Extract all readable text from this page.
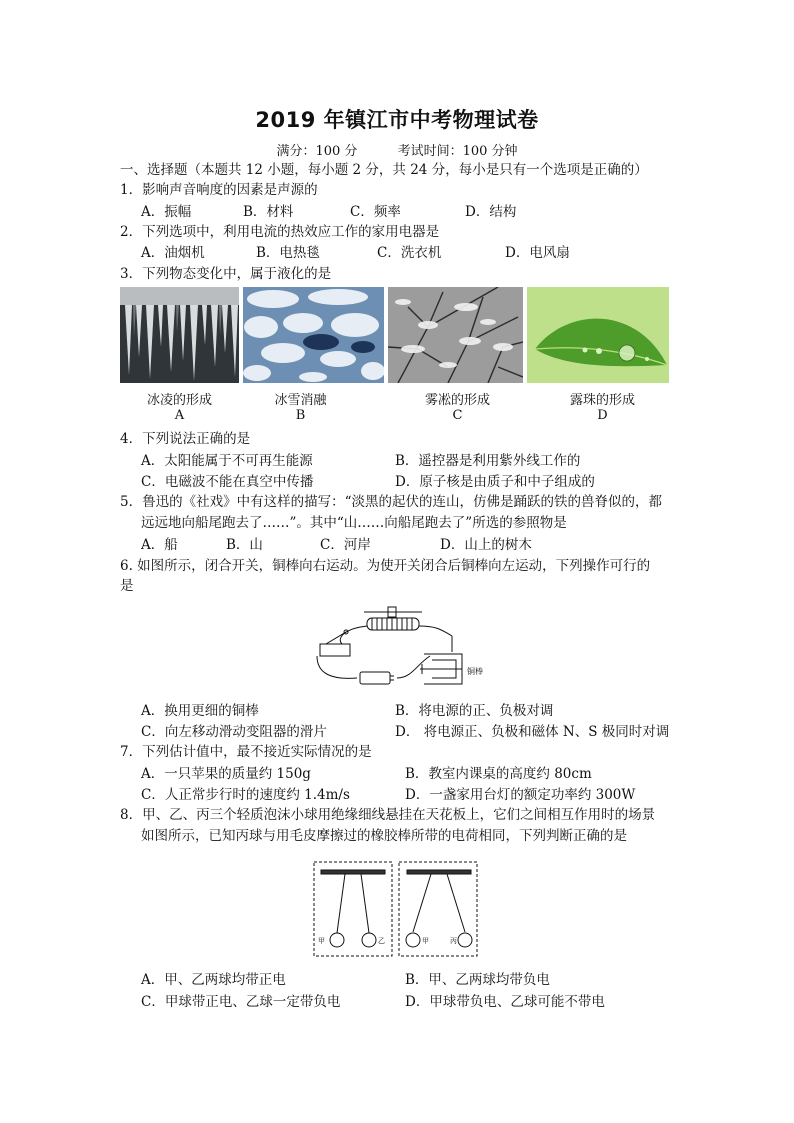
2019 年镇江市中考物理试卷
满分：100 分	考试时间：100 分钟
一、选择题（本题共 12 小题，每小题 2 分，共 24 分，每小是只有一个选项是正确的）
1．影响声音响度的因素是声源的
A．振幅	B．材料	C．频率	D．结构
2．下列选项中，利用电流的热效应工作的家用电器是
A．油烟机	B．电热毯	C．洗衣机	D．电风扇
3．下列物态变化中，属于液化的是
冰凌的形成
A
冰雪消融
B
雾凇的形成
C
露珠的形成
D
4．下列说法正确的是
A．太阳能属于不可再生能源	B．遥控器是利用紫外线工作的
C．电磁波不能在真空中传播	D．原子核是由质子和中子组成的
5．鲁迅的《社戏》中有这样的描写：“淡黑的起伏的连山，仿佛是踊跃的铁的兽脊似的，都
远远地向船尾跑去了……”。其中“山……向船尾跑去了”所选的参照物是
A．船	B．山	C．河岸	D．山上的树木
6. 如图所示，闭合开关，铜棒向右运动。为使开关闭合后铜棒向左运动，下列操作可行的
是
铜棒
A．换用更细的铜棒	B．将电源的正、负极对调
C．向左移动滑动变阻器的滑片	D． 将电源正、负极和磁体 N、S 极同时对调
7．下列估计值中，最不接近实际情况的是
A．一只苹果的质量约 150g	B．教室内课桌的高度约 80cm
C．人正常步行时的速度约 1.4m/s	D．一盏家用台灯的额定功率约 300W
8．甲、乙、丙三个轻质泡沫小球用绝缘细线悬挂在天花板上，它们之间相互作用时的场景
如图所示，已知丙球与用毛皮摩擦过的橡胶棒所带的电荷相同，下列判断正确的是
甲	乙	甲	丙
A．甲、乙两球均带正电	B．甲、乙两球均带负电
C．甲球带正电、乙球一定带负电	D．甲球带负电、乙球可能不带电
